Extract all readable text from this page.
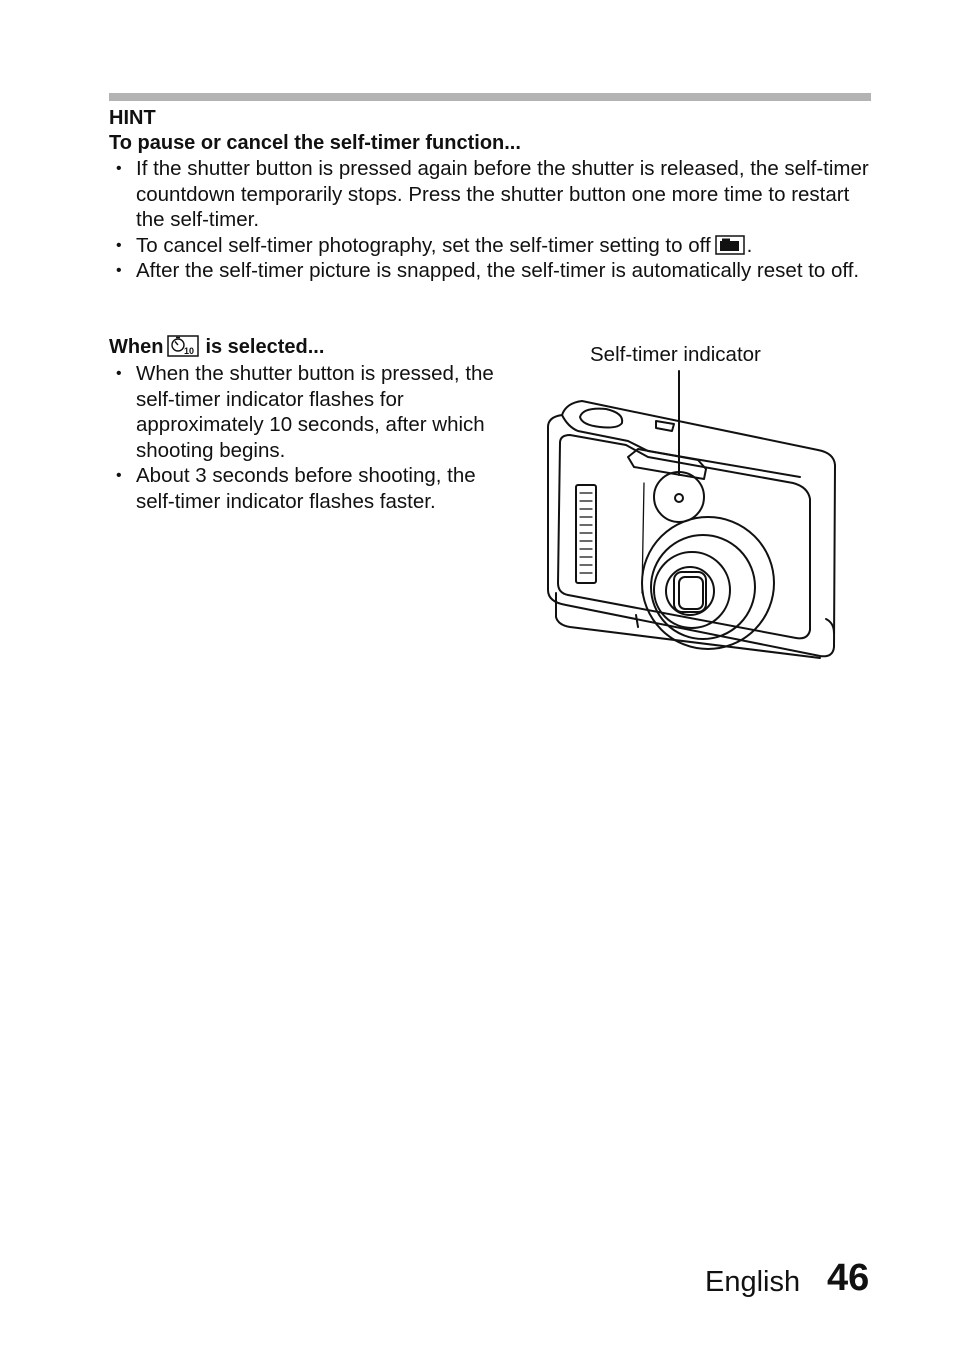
HINT
To pause or cancel the self-timer function...
• If the shutter button is pressed again before the shutter is released, the self-timer countdown temporarily stops. Press the shutter button one more time to restart the self-timer.
• To cancel self-timer photography, set the self-timer setting to off .
• After the self-timer picture is snapped, the self-timer is automatically reset to off.
When 10 is selected...
• When the shutter button is pressed, the self-timer indicator flashes for approximately 10 seconds, after which shooting begins.
• About 3 seconds before shooting, the self-timer indicator flashes faster.
Self-timer indicator
English 46
